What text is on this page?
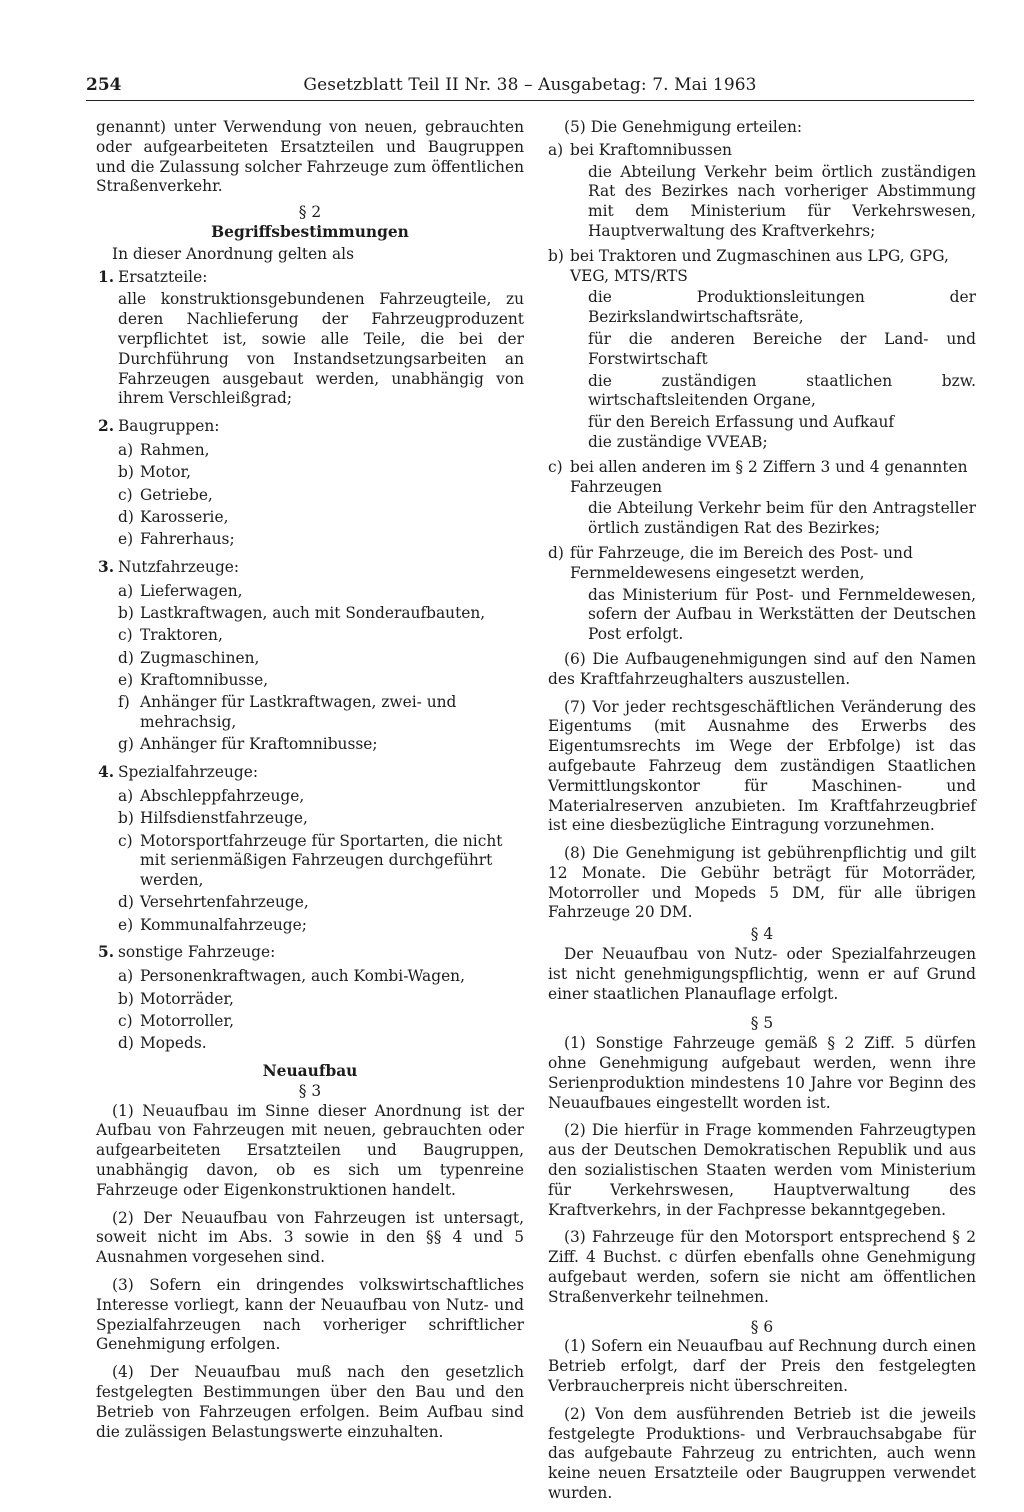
254	Gesetzblatt Teil II Nr. 38 – Ausgabetag: 7. Mai 1963

genannt) unter Verwendung von neuen, gebrauchten oder aufgearbeiteten Ersatzteilen und Baugruppen und die Zulassung solcher Fahrzeuge zum öffentlichen Straßenverkehr.

§ 2
Begriffsbestimmungen

In dieser Anordnung gelten als

1. Ersatzteile:
alle konstruktionsgebundenen Fahrzeugteile, zu deren Nachlieferung der Fahrzeugproduzent verpflichtet ist, sowie alle Teile, die bei der Durchführung von Instandsetzungsarbeiten an Fahrzeugen ausgebaut werden, unabhängig von ihrem Verschleißgrad;
2. Baugruppen:
a) Rahmen,
b) Motor,
c) Getriebe,
d) Karosserie,
e) Fahrerhaus;
3. Nutzfahrzeuge:
a) Lieferwagen,
b) Lastkraftwagen, auch mit Sonderaufbauten,
c) Traktoren,
d) Zugmaschinen,
e) Kraftomnibusse,
f) Anhänger für Lastkraftwagen, zwei- und mehrachsig,
g) Anhänger für Kraftomnibusse;
4. Spezialfahrzeuge:
a) Abschleppfahrzeuge,
b) Hilfsdienstfahrzeuge,
c) Motorsportfahrzeuge für Sportarten, die nicht mit serienmäßigen Fahrzeugen durchgeführt werden,
d) Versehrtenfahrzeuge,
e) Kommunalfahrzeuge;
5. sonstige Fahrzeuge:
a) Personenkraftwagen, auch Kombi-Wagen,
b) Motorräder,
c) Motorroller,
d) Mopeds.
Neuaufbau
§ 3

(1) Neuaufbau im Sinne dieser Anordnung ist der Aufbau von Fahrzeugen mit neuen, gebrauchten oder aufgearbeiteten Ersatzteilen und Baugruppen, unabhängig davon, ob es sich um typenreine Fahrzeuge oder Eigenkonstruktionen handelt.

(2) Der Neuaufbau von Fahrzeugen ist untersagt, soweit nicht im Abs. 3 sowie in den §§ 4 und 5 Ausnahmen vorgesehen sind.

(3) Sofern ein dringendes volkswirtschaftliches Interesse vorliegt, kann der Neuaufbau von Nutz- und Spezialfahrzeugen nach vorheriger schriftlicher Genehmigung erfolgen.

(4) Der Neuaufbau muß nach den gesetzlich festgelegten Bestimmungen über den Bau und den Betrieb von Fahrzeugen erfolgen. Beim Aufbau sind die zulässigen Belastungswerte einzuhalten.

(5) Die Genehmigung erteilen:

a) bei Kraftomnibussen
die Abteilung Verkehr beim örtlich zuständigen Rat des Bezirkes nach vorheriger Abstimmung mit dem Ministerium für Verkehrswesen, Hauptverwaltung des Kraftverkehrs;
b) bei Traktoren und Zugmaschinen aus LPG, GPG, VEG, MTS/RTS
die Produktionsleitungen der Bezirkslandwirtschaftsräte,
für die anderen Bereiche der Land- und Forstwirtschaft
die zuständigen staatlichen bzw. wirtschaftsleitenden Organe,
für den Bereich Erfassung und Aufkauf
die zuständige VVEAB;
c) bei allen anderen im § 2 Ziffern 3 und 4 genannten Fahrzeugen
die Abteilung Verkehr beim für den Antragsteller örtlich zuständigen Rat des Bezirkes;
d) für Fahrzeuge, die im Bereich des Post- und Fernmeldewesens eingesetzt werden,
das Ministerium für Post- und Fernmeldewesen, sofern der Aufbau in Werkstätten der Deutschen Post erfolgt.

(6) Die Aufbaugenehmigungen sind auf den Namen des Kraftfahrzeughalters auszustellen.

(7) Vor jeder rechtsgeschäftlichen Veränderung des Eigentums (mit Ausnahme des Erwerbs des Eigentumsrechts im Wege der Erbfolge) ist das aufgebaute Fahrzeug dem zuständigen Staatlichen Vermittlungskontor für Maschinen- und Materialreserven anzubieten. Im Kraftfahrzeugbrief ist eine diesbezügliche Eintragung vorzunehmen.

(8) Die Genehmigung ist gebührenpflichtig und gilt 12 Monate. Die Gebühr beträgt für Motorräder, Motorroller und Mopeds 5 DM, für alle übrigen Fahrzeuge 20 DM.

§ 4

Der Neuaufbau von Nutz- oder Spezialfahrzeugen ist nicht genehmigungspflichtig, wenn er auf Grund einer staatlichen Planauflage erfolgt.

§ 5

(1) Sonstige Fahrzeuge gemäß § 2 Ziff. 5 dürfen ohne Genehmigung aufgebaut werden, wenn ihre Serienproduktion mindestens 10 Jahre vor Beginn des Neuaufbaues eingestellt worden ist.

(2) Die hierfür in Frage kommenden Fahrzeugtypen aus der Deutschen Demokratischen Republik und aus den sozialistischen Staaten werden vom Ministerium für Verkehrswesen, Hauptverwaltung des Kraftverkehrs, in der Fachpresse bekanntgegeben.

(3) Fahrzeuge für den Motorsport entsprechend § 2 Ziff. 4 Buchst. c dürfen ebenfalls ohne Genehmigung aufgebaut werden, sofern sie nicht am öffentlichen Straßenverkehr teilnehmen.

§ 6

(1) Sofern ein Neuaufbau auf Rechnung durch einen Betrieb erfolgt, darf der Preis den festgelegten Verbraucherpreis nicht überschreiten.

(2) Von dem ausführenden Betrieb ist die jeweils festgelegte Produktions- und Verbrauchsabgabe für das aufgebaute Fahrzeug zu entrichten, auch wenn keine neuen Ersatzteile oder Baugruppen verwendet wurden.
